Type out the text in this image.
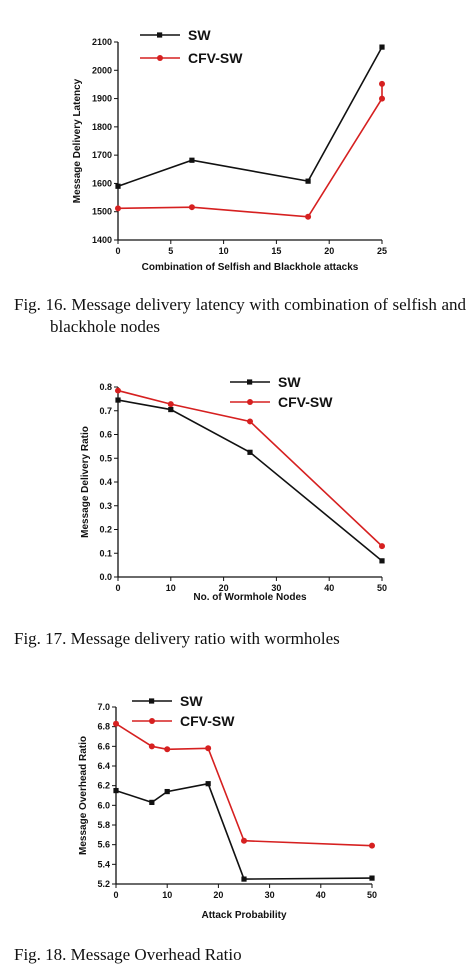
1400
1500
1600
1700
1800
1900
2000
2100
0	5	10	15	20	25
Combination of Selfish and Blackhole attacks
Message Delivery Latency
SW
CFV-SW
Fig. 16. Message delivery latency with combination of selfish and
blackhole nodes
0.0
0.1
0.2
0.3
0.4
0.5
0.6
0.7
0.8
0	10	20	30	40	50
No. of Wormhole Nodes
Message Delivery Ratio
SW
CFV-SW
Fig. 17. Message delivery ratio with wormholes
5.2
5.4
5.6
5.8
6.0
6.2
6.4
6.6
6.8
7.0
0	10	20	30	40	50
Attack Probability
Message Overhead Ratio
SW
CFV-SW
Fig. 18. Message Overhead Ratio
